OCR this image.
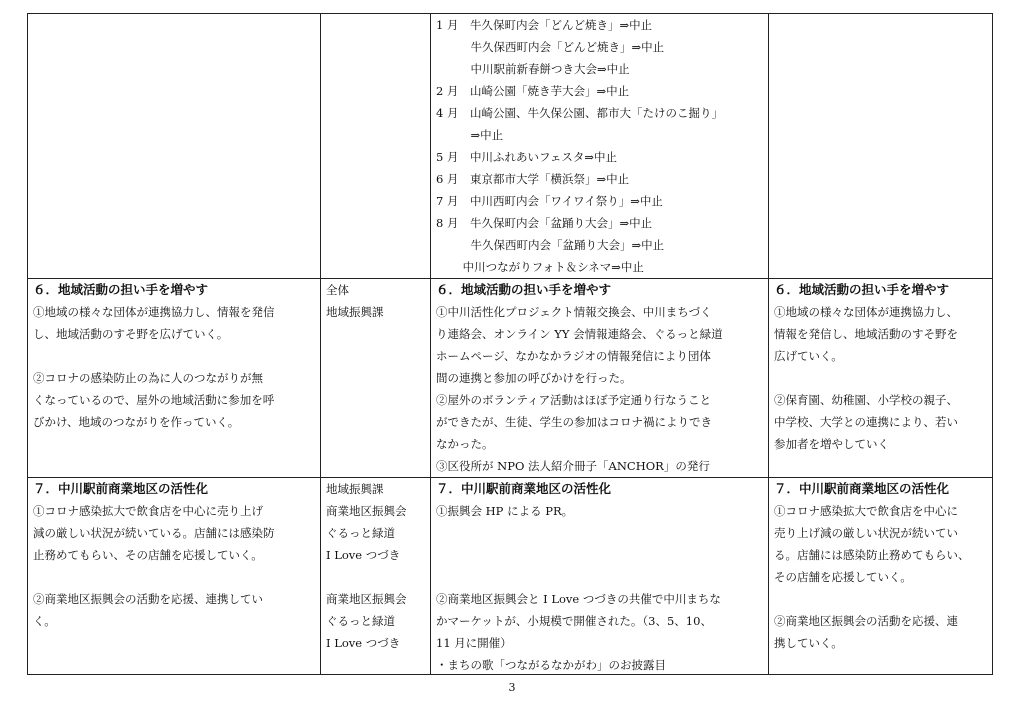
1 月　牛久保町内会「どんど焼き」⇒中止
　　　牛久保西町内会「どんど焼き」⇒中止
　　　中川駅前新春餅つき大会⇒中止
2 月　山崎公園「焼き芋大会」⇒中止
4 月　山崎公園、牛久保公園、都市大「たけのこ掘り」
　　　⇒中止
5 月　中川ふれあいフェスタ⇒中止
6 月　東京都市大学「横浜祭」⇒中止
7 月　中川西町内会「ワイワイ祭り」⇒中止
8 月　牛久保町内会「盆踊り大会」⇒中止
　　　牛久保西町内会「盆踊り大会」⇒中止
　　 中川つながりフォト＆シネマ⇒中止
６．地域活動の担い手を増やす
①地域の様々な団体が連携協力し、情報を発信
し、地域活動のすそ野を広げていく。
②コロナの感染防止の為に人のつながりが無
くなっているので、屋外の地域活動に参加を呼
びかけ、地域のつながりを作っていく。
全体
地域振興課
６．地域活動の担い手を増やす
①中川活性化プロジェクト情報交換会、中川まちづく
り連絡会、オンライン YY 会情報連絡会、ぐるっと緑道
ホームページ、なかなかラジオの情報発信により団体
間の連携と参加の呼びかけを行った。
②屋外のボランティア活動はほぼ予定通り行なうこと
ができたが、生徒、学生の参加はコロナ禍によりでき
なかった。
③区役所が NPO 法人紹介冊子「ANCHOR」の発行
６．地域活動の担い手を増やす
①地域の様々な団体が連携協力し、
情報を発信し、地域活動のすそ野を
広げていく。
②保育園、幼稚園、小学校の親子、
中学校、大学との連携により、若い
参加者を増やしていく
７．中川駅前商業地区の活性化
①コロナ感染拡大で飲食店を中心に売り上げ
減の厳しい状況が続いている。店舗には感染防
止務めてもらい、その店舗を応援していく。
②商業地区振興会の活動を応援、連携してい
く。
地域振興課
商業地区振興会
ぐるっと緑道
I Love つづき
商業地区振興会
ぐるっと緑道
I Love つづき
７．中川駅前商業地区の活性化
①振興会 HP による PR。
②商業地区振興会と I Love つづきの共催で中川まちな
かマーケットが、小規模で開催された。（3、5、10、
11 月に開催）
・まちの歌「つながるなかがわ」のお披露目
７．中川駅前商業地区の活性化
①コロナ感染拡大で飲食店を中心に
売り上げ減の厳しい状況が続いてい
る。店舗には感染防止務めてもらい、
その店舗を応援していく。
②商業地区振興会の活動を応援、連
携していく。
3
